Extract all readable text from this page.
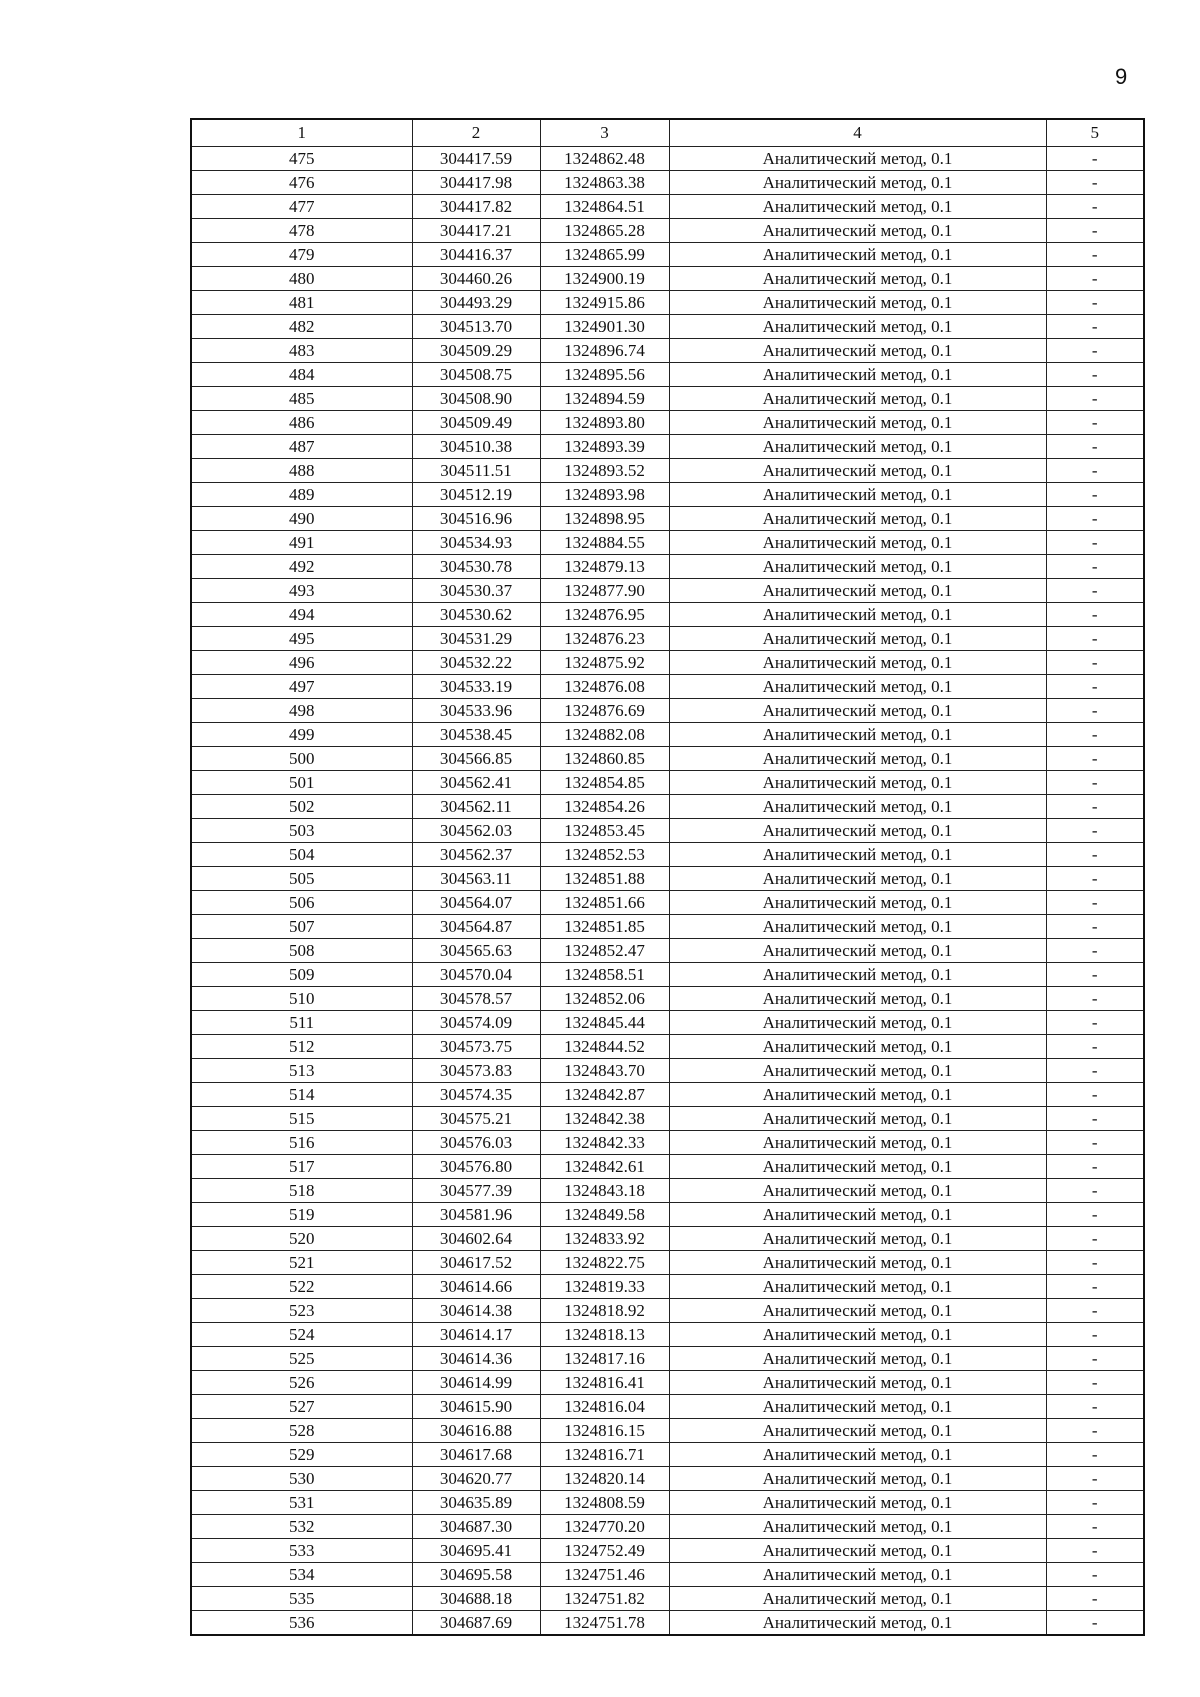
9
1	2	3	4	5
475	304417.59	1324862.48	Аналитический метод, 0.1	-
476	304417.98	1324863.38	Аналитический метод, 0.1	-
477	304417.82	1324864.51	Аналитический метод, 0.1	-
478	304417.21	1324865.28	Аналитический метод, 0.1	-
479	304416.37	1324865.99	Аналитический метод, 0.1	-
480	304460.26	1324900.19	Аналитический метод, 0.1	-
481	304493.29	1324915.86	Аналитический метод, 0.1	-
482	304513.70	1324901.30	Аналитический метод, 0.1	-
483	304509.29	1324896.74	Аналитический метод, 0.1	-
484	304508.75	1324895.56	Аналитический метод, 0.1	-
485	304508.90	1324894.59	Аналитический метод, 0.1	-
486	304509.49	1324893.80	Аналитический метод, 0.1	-
487	304510.38	1324893.39	Аналитический метод, 0.1	-
488	304511.51	1324893.52	Аналитический метод, 0.1	-
489	304512.19	1324893.98	Аналитический метод, 0.1	-
490	304516.96	1324898.95	Аналитический метод, 0.1	-
491	304534.93	1324884.55	Аналитический метод, 0.1	-
492	304530.78	1324879.13	Аналитический метод, 0.1	-
493	304530.37	1324877.90	Аналитический метод, 0.1	-
494	304530.62	1324876.95	Аналитический метод, 0.1	-
495	304531.29	1324876.23	Аналитический метод, 0.1	-
496	304532.22	1324875.92	Аналитический метод, 0.1	-
497	304533.19	1324876.08	Аналитический метод, 0.1	-
498	304533.96	1324876.69	Аналитический метод, 0.1	-
499	304538.45	1324882.08	Аналитический метод, 0.1	-
500	304566.85	1324860.85	Аналитический метод, 0.1	-
501	304562.41	1324854.85	Аналитический метод, 0.1	-
502	304562.11	1324854.26	Аналитический метод, 0.1	-
503	304562.03	1324853.45	Аналитический метод, 0.1	-
504	304562.37	1324852.53	Аналитический метод, 0.1	-
505	304563.11	1324851.88	Аналитический метод, 0.1	-
506	304564.07	1324851.66	Аналитический метод, 0.1	-
507	304564.87	1324851.85	Аналитический метод, 0.1	-
508	304565.63	1324852.47	Аналитический метод, 0.1	-
509	304570.04	1324858.51	Аналитический метод, 0.1	-
510	304578.57	1324852.06	Аналитический метод, 0.1	-
511	304574.09	1324845.44	Аналитический метод, 0.1	-
512	304573.75	1324844.52	Аналитический метод, 0.1	-
513	304573.83	1324843.70	Аналитический метод, 0.1	-
514	304574.35	1324842.87	Аналитический метод, 0.1	-
515	304575.21	1324842.38	Аналитический метод, 0.1	-
516	304576.03	1324842.33	Аналитический метод, 0.1	-
517	304576.80	1324842.61	Аналитический метод, 0.1	-
518	304577.39	1324843.18	Аналитический метод, 0.1	-
519	304581.96	1324849.58	Аналитический метод, 0.1	-
520	304602.64	1324833.92	Аналитический метод, 0.1	-
521	304617.52	1324822.75	Аналитический метод, 0.1	-
522	304614.66	1324819.33	Аналитический метод, 0.1	-
523	304614.38	1324818.92	Аналитический метод, 0.1	-
524	304614.17	1324818.13	Аналитический метод, 0.1	-
525	304614.36	1324817.16	Аналитический метод, 0.1	-
526	304614.99	1324816.41	Аналитический метод, 0.1	-
527	304615.90	1324816.04	Аналитический метод, 0.1	-
528	304616.88	1324816.15	Аналитический метод, 0.1	-
529	304617.68	1324816.71	Аналитический метод, 0.1	-
530	304620.77	1324820.14	Аналитический метод, 0.1	-
531	304635.89	1324808.59	Аналитический метод, 0.1	-
532	304687.30	1324770.20	Аналитический метод, 0.1	-
533	304695.41	1324752.49	Аналитический метод, 0.1	-
534	304695.58	1324751.46	Аналитический метод, 0.1	-
535	304688.18	1324751.82	Аналитический метод, 0.1	-
536	304687.69	1324751.78	Аналитический метод, 0.1	-
